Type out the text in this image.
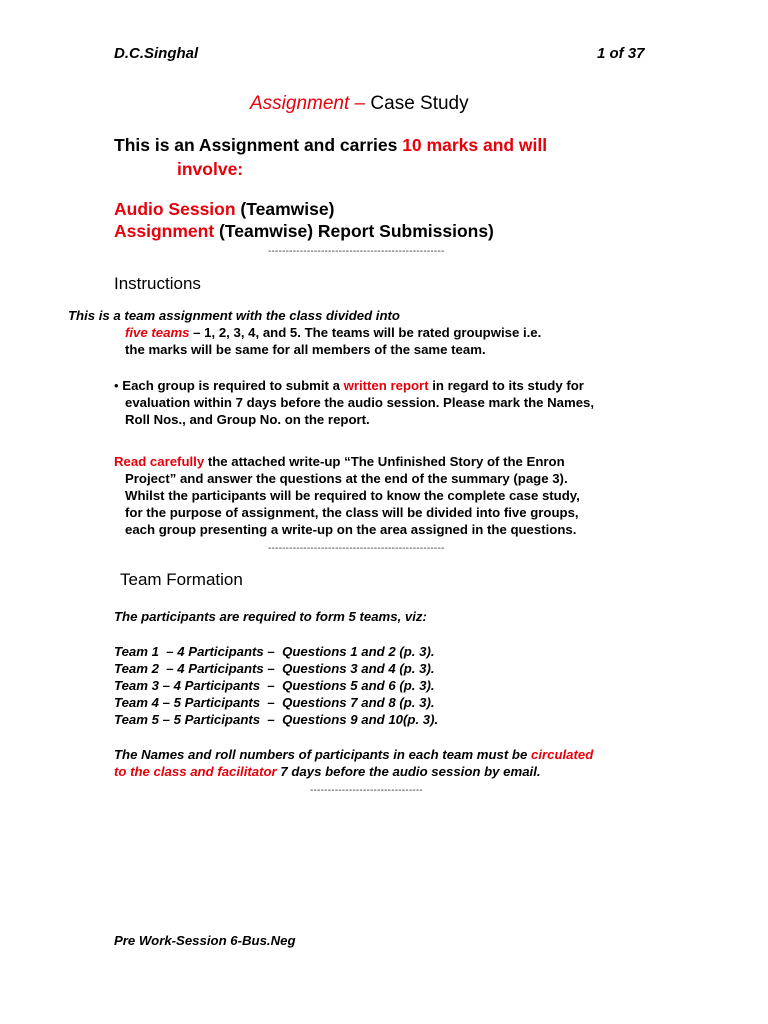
D.C.Singhal	1 of 37
Assignment – Case Study
This is an Assignment and carries 10 marks and will
involve:
Audio Session (Teamwise)
Assignment (Teamwise) Report Submissions)
--------------------------------------------------
Instructions
This is a team assignment with the class divided into
five teams – 1, 2, 3, 4, and 5. The teams will be rated groupwise i.e.
the marks will be same for all members of the same team.
• Each group is required to submit a written report in regard to its study for
evaluation within 7 days before the audio session. Please mark the Names,
Roll Nos., and Group No. on the report.
Read carefully the attached write-up “The Unfinished Story of the Enron
Project” and answer the questions at the end of the summary (page 3).
Whilst the participants will be required to know the complete case study,
for the purpose of assignment, the class will be divided into five groups,
each group presenting a write-up on the area assigned in the questions.
--------------------------------------------------
Team Formation
The participants are required to form 5 teams, viz:
Team 1  – 4 Participants –  Questions 1 and 2 (p. 3).
Team 2  – 4 Participants –  Questions 3 and 4 (p. 3).
Team 3 – 4 Participants  –  Questions 5 and 6 (p. 3).
Team 4 – 5 Participants  –  Questions 7 and 8 (p. 3).
Team 5 – 5 Participants  –  Questions 9 and 10(p. 3).
The Names and roll numbers of participants in each team must be circulated
to the class and facilitator 7 days before the audio session by email.
--------------------------------
Pre Work-Session 6-Bus.Neg
